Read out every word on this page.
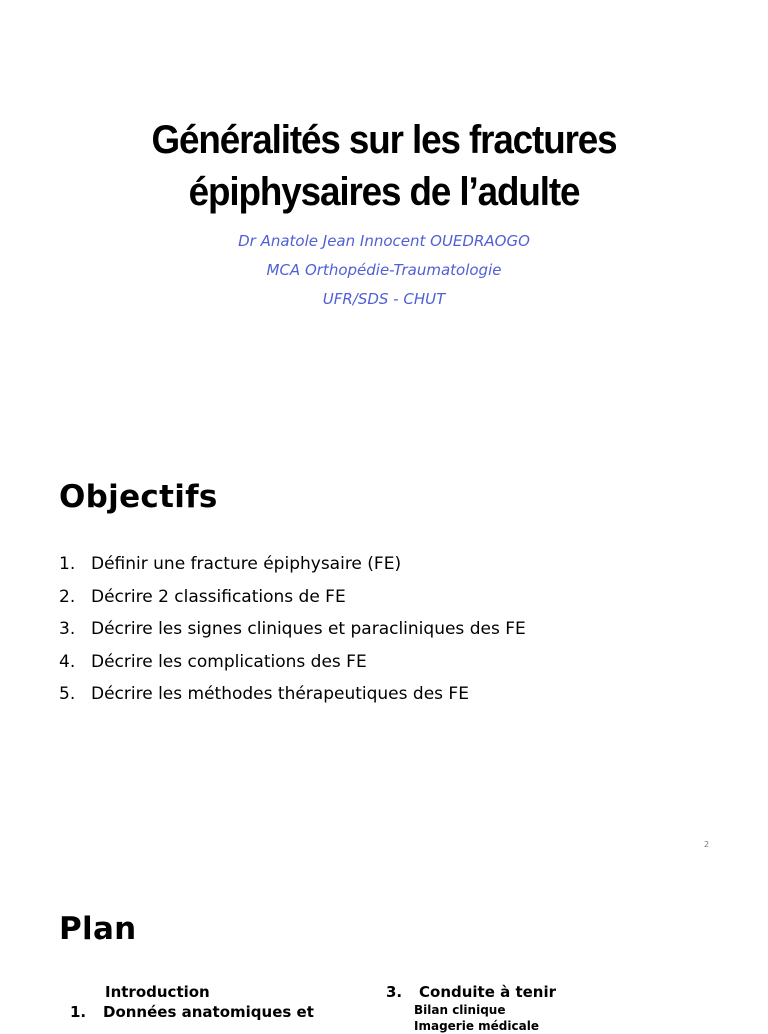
Généralités sur les fractures
épiphysaires de l’adulte
Dr Anatole Jean Innocent OUEDRAOGO
MCA Orthopédie-Traumatologie
UFR/SDS - CHUT
Objectifs
1. Définir une fracture épiphysaire (FE)
2. Décrire 2 classifications de FE
3. Décrire les signes cliniques et paracliniques des FE
4. Décrire les complications des FE
5. Décrire les méthodes thérapeutiques des FE
2
Plan
Introduction
1.	Données anatomiques et
3.	Conduite à tenir
Bilan clinique
Imagerie médicale
